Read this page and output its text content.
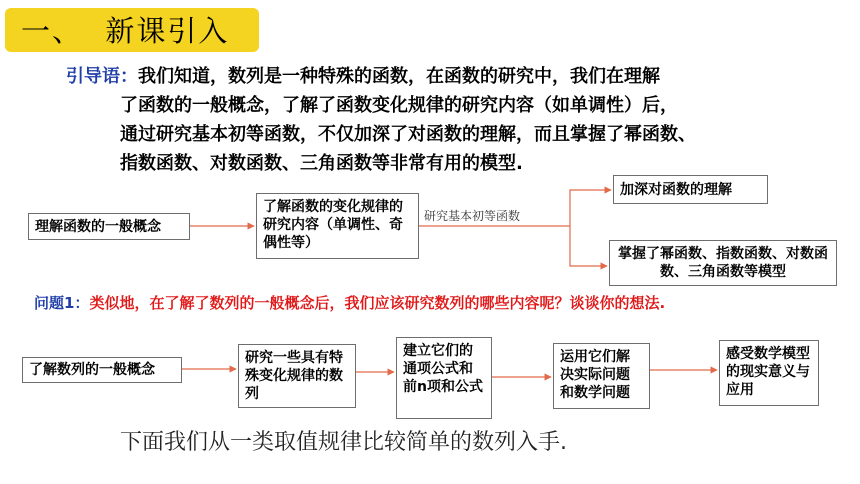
一、  新课引入
引导语：我们知道，数列是一种特殊的函数，在函数的研究中，我们在理解
了函数的一般概念，了解了函数变化规律的研究内容（如单调性）后，
通过研究基本初等函数，不仅加深了对函数的理解，而且掌握了幂函数、
指数函数、对数函数、三角函数等非常有用的模型.
理解函数的一般概念
了解函数的变化规律的研究内容（单调性、奇偶性等）
研究基本初等函数
加深对函数的理解
掌握了幂函数、指数函数、对数函数、三角函数等模型
问题1：类似地，在了解了数列的一般概念后，我们应该研究数列的哪些内容呢？谈谈你的想法.
了解数列的一般概念
研究一些具有特殊变化规律的数列
建立它们的通项公式和前n项和公式
运用它们解决实际问题和数学问题
感受数学模型的现实意义与应用
下面我们从一类取值规律比较简单的数列入手.
